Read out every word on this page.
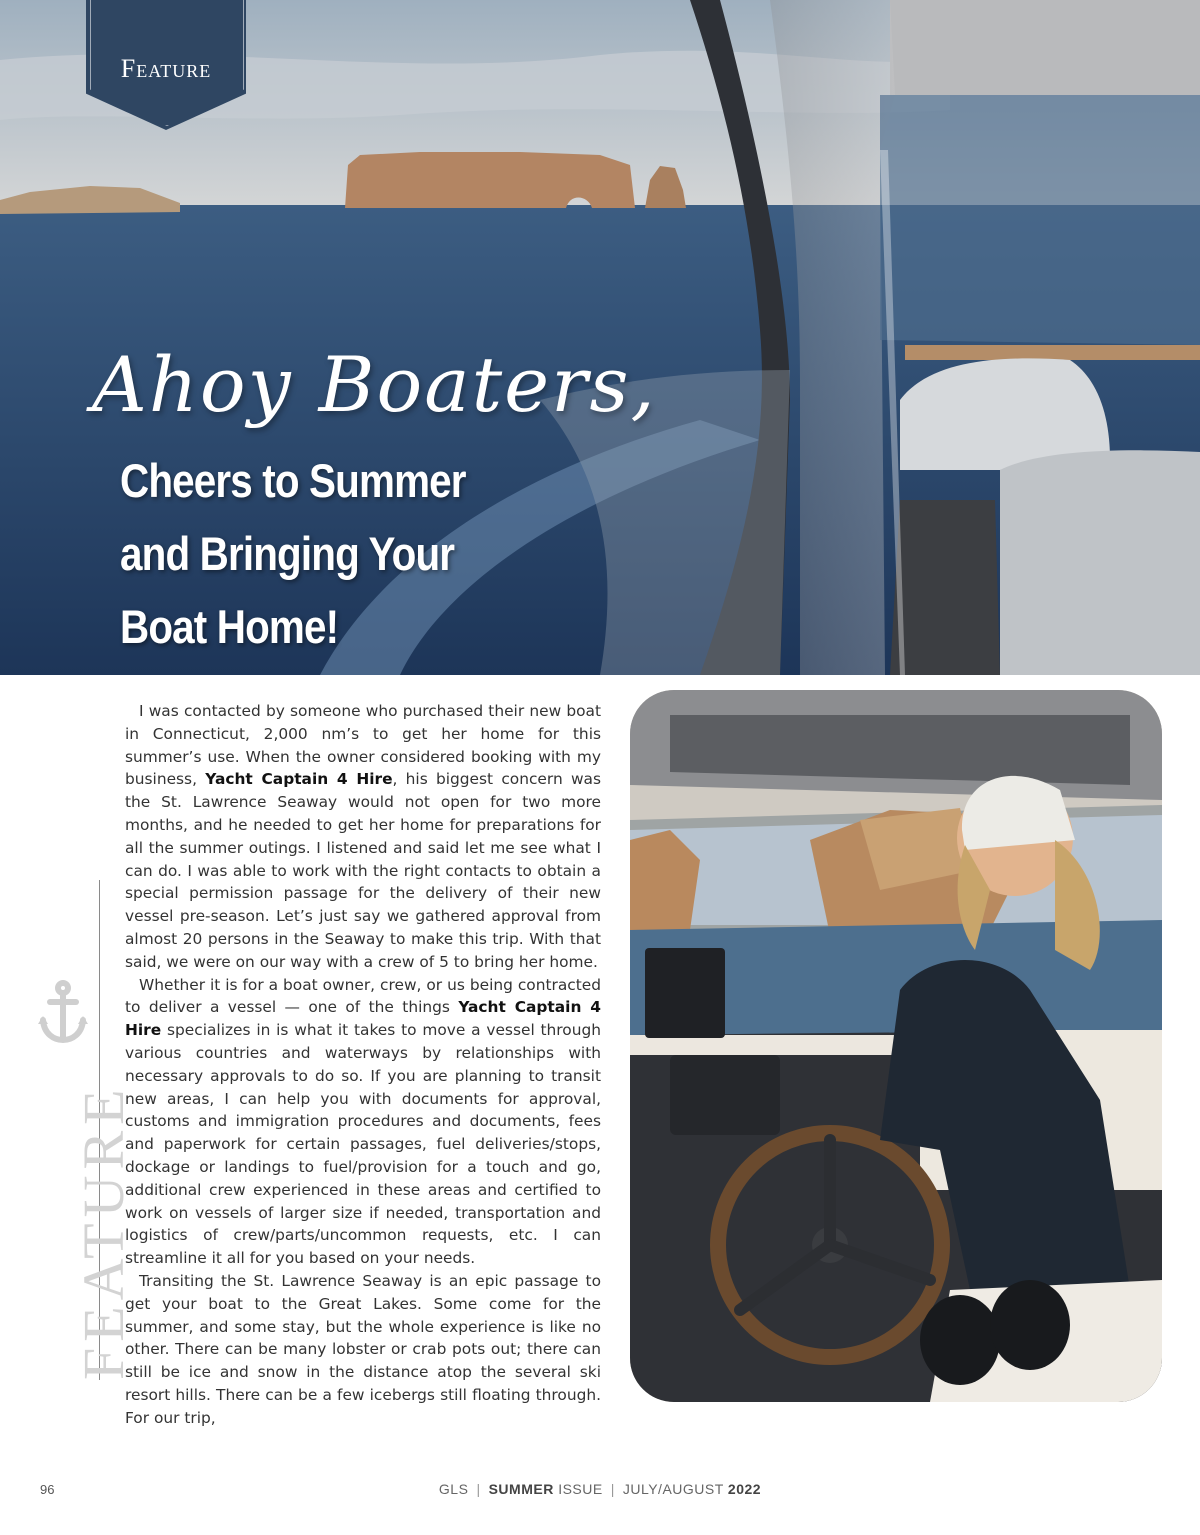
Feature
Ahoy Boaters,
Cheers to Summer and Bringing Your Boat Home!
FEATURE

I was contacted by someone who purchased their new boat in Connecticut, 2,000 nm’s to get her home for this summer’s use. When the owner considered booking with my business, Yacht Captain 4 Hire, his biggest concern was the St. Lawrence Seaway would not open for two more months, and he needed to get her home for preparations for all the summer outings. I listened and said let me see what I can do. I was able to work with the right contacts to obtain a special permission passage for the delivery of their new vessel pre-season. Let’s just say we gathered approval from almost 20 persons in the Seaway to make this trip. With that said, we were on our way with a crew of 5 to bring her home.

Whether it is for a boat owner, crew, or us being contracted to deliver a vessel — one of the things Yacht Captain 4 Hire specializes in is what it takes to move a vessel through various countries and waterways by relationships with necessary approvals to do so. If you are planning to transit new areas, I can help you with documents for approval, customs and immigration procedures and documents, fees and paperwork for certain passages, fuel deliveries/stops, dockage or landings to fuel/provision for a touch and go, additional crew experienced in these areas and certified to work on vessels of larger size if needed, transportation and logistics of crew/parts/uncommon requests, etc. I can streamline it all for you based on your needs.

Transiting the St. Lawrence Seaway is an epic passage to get your boat to the Great Lakes. Some come for the summer, and some stay, but the whole experience is like no other. There can be many lobster or crab pots out; there can still be ice and snow in the distance atop the several ski resort hills. There can be a few icebergs still floating through. For our trip,

96	GLS | SUMMER ISSUE | JULY/AUGUST 2022
